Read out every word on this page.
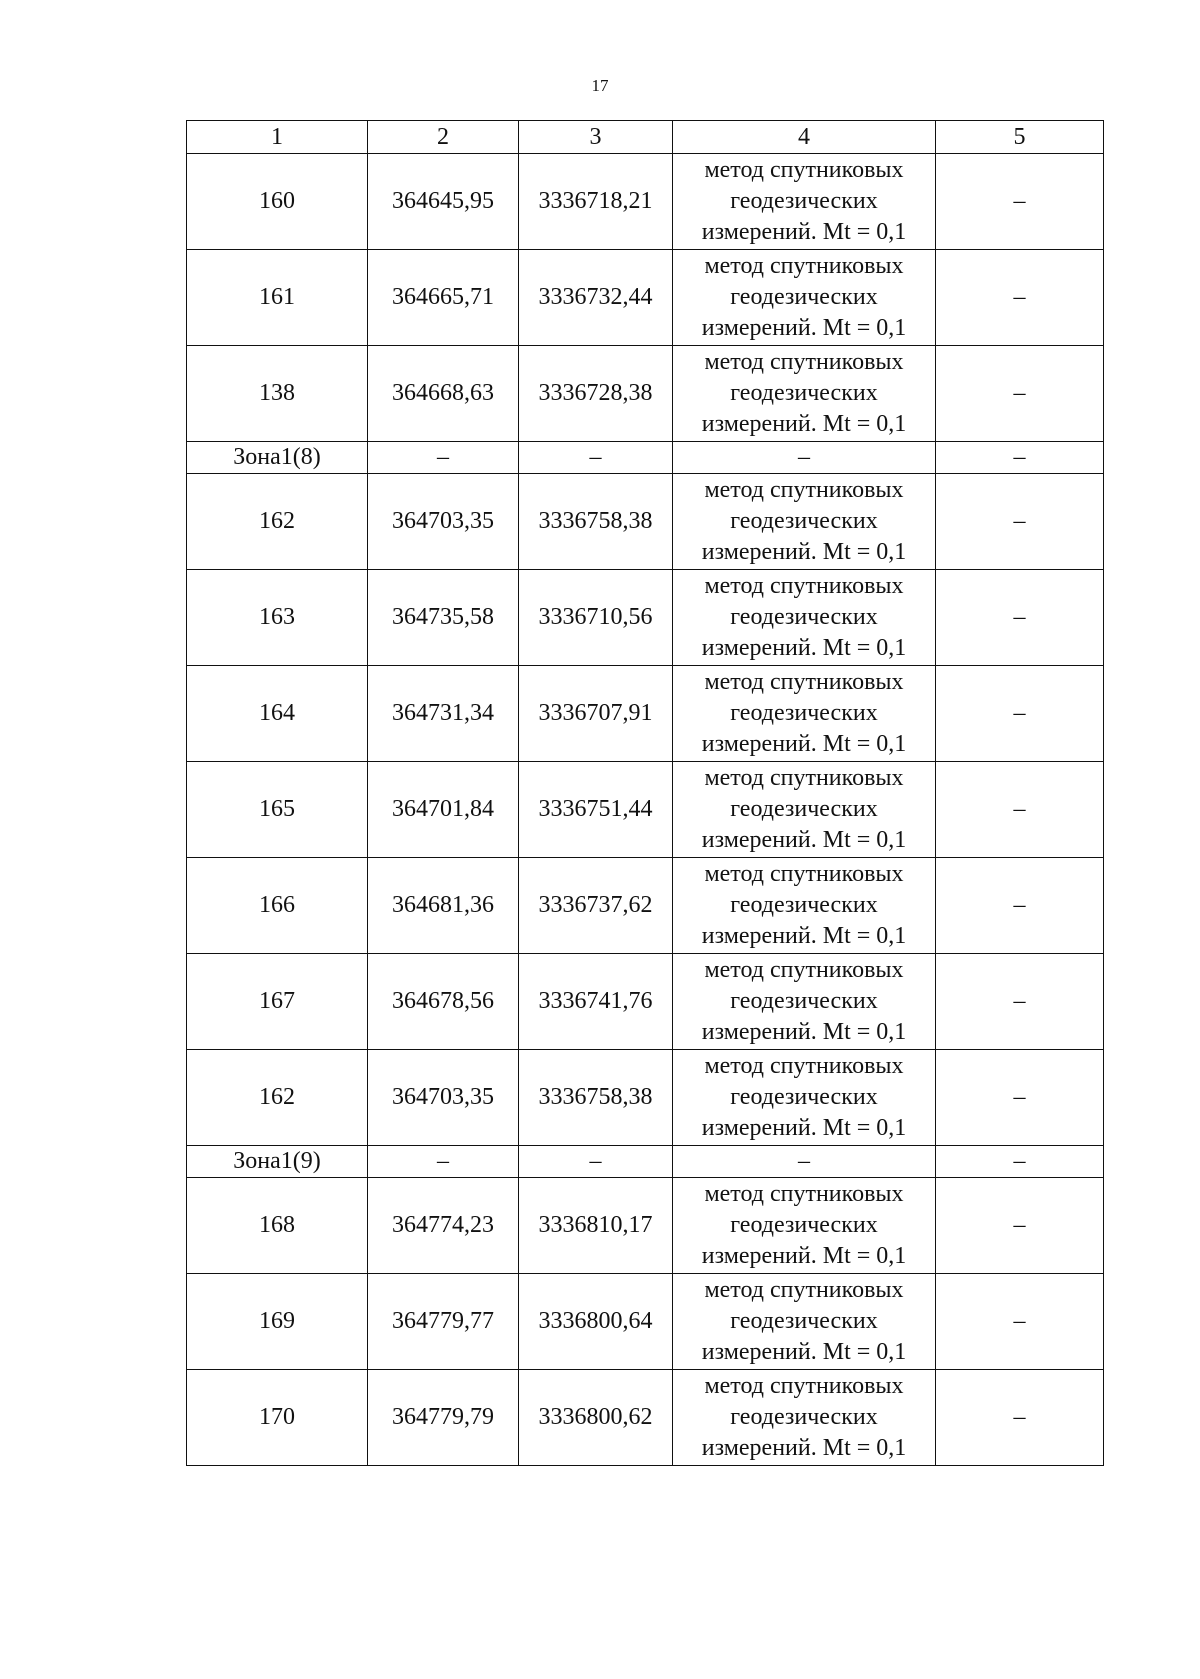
17
1	2	3	4	5
160	364645,95	3336718,21	метод спутниковых геодезических измерений. Mt = 0,1	–
161	364665,71	3336732,44	метод спутниковых геодезических измерений. Mt = 0,1	–
138	364668,63	3336728,38	метод спутниковых геодезических измерений. Mt = 0,1	–
Зона1(8)	–	–	–	–
162	364703,35	3336758,38	метод спутниковых геодезических измерений. Mt = 0,1	–
163	364735,58	3336710,56	метод спутниковых геодезических измерений. Mt = 0,1	–
164	364731,34	3336707,91	метод спутниковых геодезических измерений. Mt = 0,1	–
165	364701,84	3336751,44	метод спутниковых геодезических измерений. Mt = 0,1	–
166	364681,36	3336737,62	метод спутниковых геодезических измерений. Mt = 0,1	–
167	364678,56	3336741,76	метод спутниковых геодезических измерений. Mt = 0,1	–
162	364703,35	3336758,38	метод спутниковых геодезических измерений. Mt = 0,1	–
Зона1(9)	–	–	–	–
168	364774,23	3336810,17	метод спутниковых геодезических измерений. Mt = 0,1	–
169	364779,77	3336800,64	метод спутниковых геодезических измерений. Mt = 0,1	–
170	364779,79	3336800,62	метод спутниковых геодезических измерений. Mt = 0,1	–
